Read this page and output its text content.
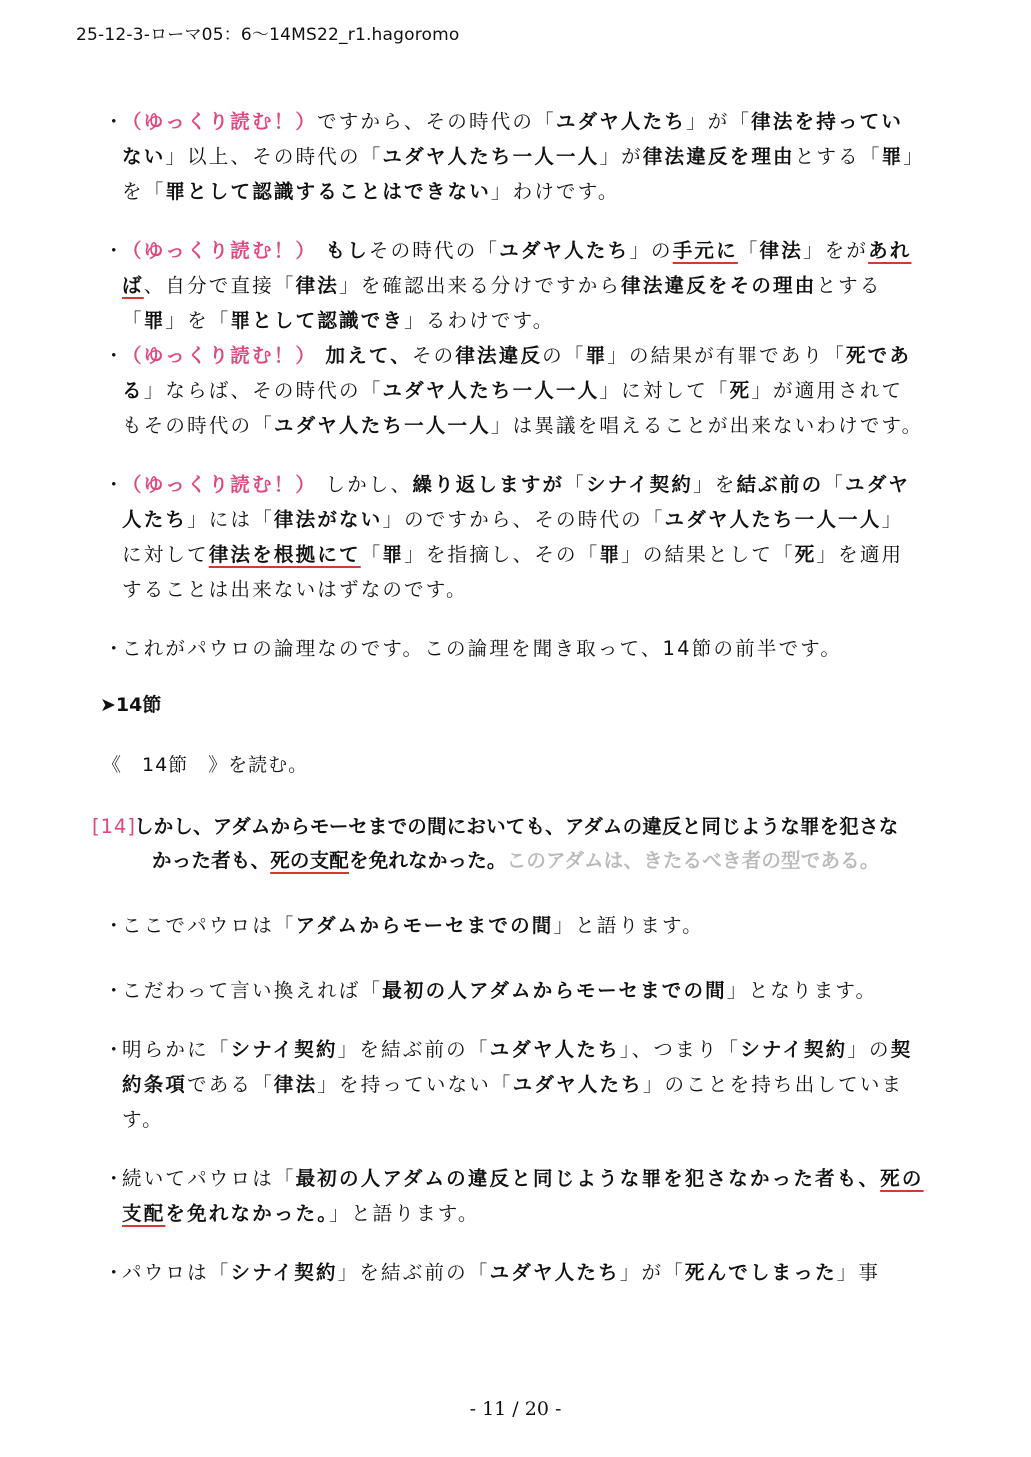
25-12-3-ローマ05：6～14MS22_r1.hagoromo

・
（ゆっくり読む！）ですから、その時代の「ユダヤ人たち」が「律法を持っていない」以上、その時代の「ユダヤ人たち一人一人」が律法違反を理由とする「罪」を「罪として認識することはできない」わけです。

・
（ゆっくり読む！） もしその時代の「ユダヤ人たち」の手元に「律法」をがあれば、自分で直接「律法」を確認出来る分けですから律法違反をその理由とする「罪」を「罪として認識でき」るわけです。

・
（ゆっくり読む！） 加えて、その律法違反の「罪」の結果が有罪であり「死である」ならば、その時代の「ユダヤ人たち一人一人」に対して「死」が適用されてもその時代の「ユダヤ人たち一人一人」は異議を唱えることが出来ないわけです。

・
（ゆっくり読む！） しかし、繰り返しますが「シナイ契約」を結ぶ前の「ユダヤ人たち」には「律法がない」のですから、その時代の「ユダヤ人たち一人一人」に対して律法を根拠にて「罪」を指摘し、その「罪」の結果として「死」を適用することは出来ないはずなのです。

・
これがパウロの論理なのです。この論理を聞き取って、14節の前半です。

➤14節
《　14節　》を読む。
[14]
しかし、アダムからモーセまでの間においても、アダムの違反と同じような罪を犯さな
かった者も、死の支配を免れなかった。このアダムは、きたるべき者の型である。

・
ここでパウロは「アダムからモーセまでの間」と語ります。

・
こだわって言い換えれば「最初の人アダムからモーセまでの間」となります。

・
明らかに「シナイ契約」を結ぶ前の「ユダヤ人たち」、つまり「シナイ契約」の契約条項である「律法」を持っていない「ユダヤ人たち」のことを持ち出しています。

・
続いてパウロは「最初の人アダムの違反と同じような罪を犯さなかった者も、死の支配を免れなかった。」と語ります。

・
パウロは「シナイ契約」を結ぶ前の「ユダヤ人たち」が「死んでしまった」事

- 11 / 20 -
